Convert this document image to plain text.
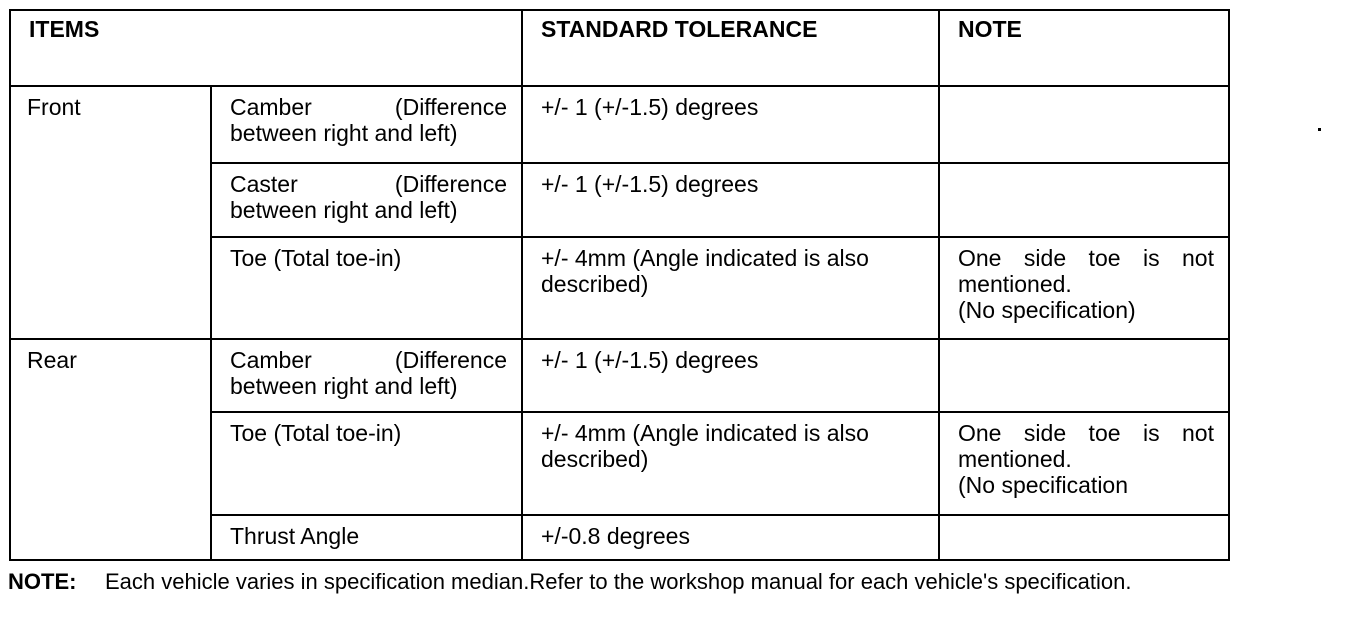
ITEMS		STANDARD TOLERANCE	NOTE
Front	Camber (Difference between right and left)	+/- 1 (+/-1.5) degrees	
	Caster (Difference between right and left)	+/- 1 (+/-1.5) degrees	
	Toe (Total toe-in)	+/- 4mm (Angle indicated is also described)	One side toe is not mentioned.
(No specification)

Rear	Camber (Difference between right and left)	+/- 1 (+/-1.5) degrees	
	Toe (Total toe-in)	+/- 4mm (Angle indicated is also described)	One side toe is not mentioned.
(No specification

	Thrust Angle	+/-0.8 degrees	
NOTE: Each vehicle varies in specification median.Refer to the workshop manual for each vehicle's specification.
